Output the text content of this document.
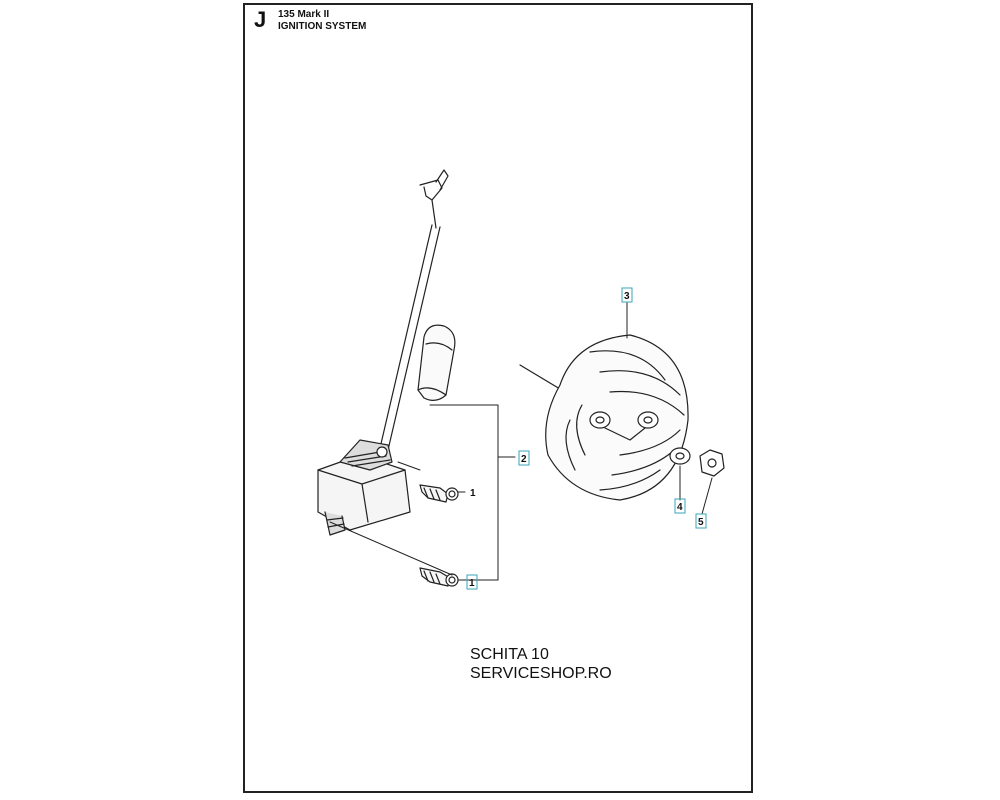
J 135 Mark II
IGNITION SYSTEM
1
1
2
3
4
5
SCHITA 10
SERVICESHOP.RO
